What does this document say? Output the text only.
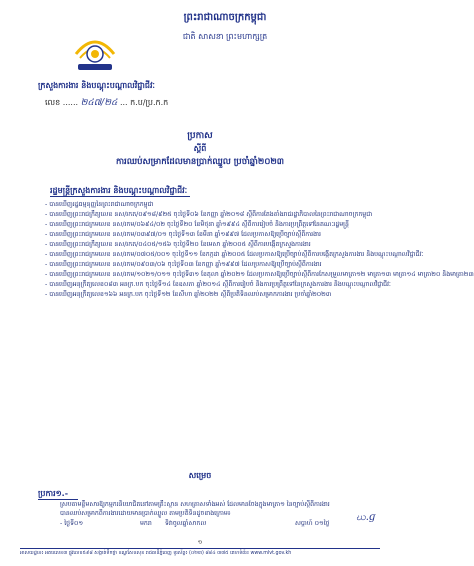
ព្រះរាជាណាចក្រកម្ពុជា
ជាតិ សាសនា ព្រះមហាក្សត្រ
ក្រសួងការងារ និងបណ្តុះបណ្តាលវិជ្ជាជីវៈ
លេខ ...... ២៤៧/២៤ ... ក.ប/ប្រ.ក.ក
ប្រកាស
ស្តីពី
ការឈប់សម្រាកដែលមានប្រាក់ឈ្នួល ប្រចាំឆ្នាំ២០២៣
រដ្ឋមន្ត្រីក្រសួងការងារ និងបណ្តុះបណ្តាលវិជ្ជាជីវៈ
- បានឃើញរដ្ឋធម្មនុញ្ញនៃព្រះរាជាណាចក្រកម្ពុជា
- បានឃើញព្រះរាជក្រឹត្យលេខ នស/រកត/០៩១៨/៩២៥ ចុះថ្ងៃទី០៦ ខែកញ្ញា ឆ្នាំ២០១៨ ស្តីពីការតែងតាំងរាជរដ្ឋាភិបាលនៃព្រះរាជាណាចក្រកម្ពុជា
- បានឃើញព្រះរាជក្រមលេខ នស/រកម/០៦៩៤/០២ ចុះថ្ងៃទី២០ ខែមិថុនា ឆ្នាំ១៩៩៤ ស្តីពីការរៀបចំ និងការប្រព្រឹត្តទៅនៃគណៈរដ្ឋមន្ត្រី
- បានឃើញព្រះរាជក្រមលេខ នស/រកម/០៣៩៧/០១ ចុះថ្ងៃទី១៣ ខែមីនា ឆ្នាំ១៩៩៧ ដែលប្រកាសឱ្យប្រើច្បាប់ស្តីពីការងារ
- បានឃើញព្រះរាជក្រឹត្យលេខ នស/រកត/០៤០៥/១៥៦ ចុះថ្ងៃទី២០ ខែមេសា ឆ្នាំ២០០៥ ស្តីពីការបង្កើតក្រសួងការងារ
- បានឃើញព្រះរាជក្រមលេខ នស/រកម/០៧០៥/០០១ ចុះថ្ងៃទី១១ ខែកក្កដា ឆ្នាំ២០០៥ ដែលប្រកាសឱ្យប្រើច្បាប់ស្តីពីការបង្កើតក្រសួងការងារ និងបណ្តុះបណ្តាលវិជ្ជាជីវៈ
- បានឃើញព្រះរាជក្រមលេខ នស/រកម/០៩០៣/០៦ ចុះថ្ងៃទី០៣ ខែកញ្ញា ឆ្នាំ១៩៩៧ ដែលប្រកាសឱ្យប្រើច្បាប់ស្តីពីការងារ
- បានឃើញព្រះរាជក្រមលេខ នស/រកម/១០២១/០១១ ចុះថ្ងៃទី៣១ ខែតុលា ឆ្នាំ២០២១ ដែលប្រកាសឱ្យប្រើច្បាប់ស្តីពីការកែសម្រួលមាត្រា១២ មាត្រា១៣ មាត្រា១៤ មាត្រា២០ និងមាត្រា២៣
- បានឃើញអនុក្រឹត្យលេខ០៨៣ អនក្រ.បក ចុះថ្ងៃទី១៤ ខែឧសភា ឆ្នាំ២០១៤ ស្តីពីការរៀបចំ និងការប្រព្រឹត្តទៅនៃក្រសួងការងារ និងបណ្តុះបណ្តាលវិជ្ជាជីវៈ
- បានឃើញអនុក្រឹត្យលេខ១៦៦ អនក្រ.បក ចុះថ្ងៃទី១២ ខែសីហា ឆ្នាំ២០២២ ស្តីពីប្រតិទិនឈប់សម្រាកការងារ ប្រចាំឆ្នាំ២០២៣
សម្រេច
ប្រការ១.-
ស្របតាមខ្លឹមសារឱ្យកម្មករនិយោជិតនៅតាមគ្រឹះស្ថាន សហគ្រាសទាំងអស់ ដែលមានចែងក្នុងមាត្រា១ នៃច្បាប់ស្តីពីការងារ បានឈប់សម្រាកពីការងារដោយមានប្រាក់ឈ្នួល តាមប្រតិទិនដូចខាងក្រោម៖
- ថ្ងៃទី០១	មករា ទិវាចូលឆ្នាំសាកល	សប្តាហ៍ ០១ថ្ងៃ
ဃ.ɡ
១
អាសយដ្ឋាន៖ អគារលេខ៣ ផ្លូវលេខ៥៩៨ សង្កាត់ទឹកថ្លា ខណ្ឌសែនសុខ រាជធានីភ្នំពេញ ទូរស័ព្ទ៖ (០២៣) ៨៨៤ ៣៧៥ គេហទំព័រ៖ www.mlvt.gov.kh
